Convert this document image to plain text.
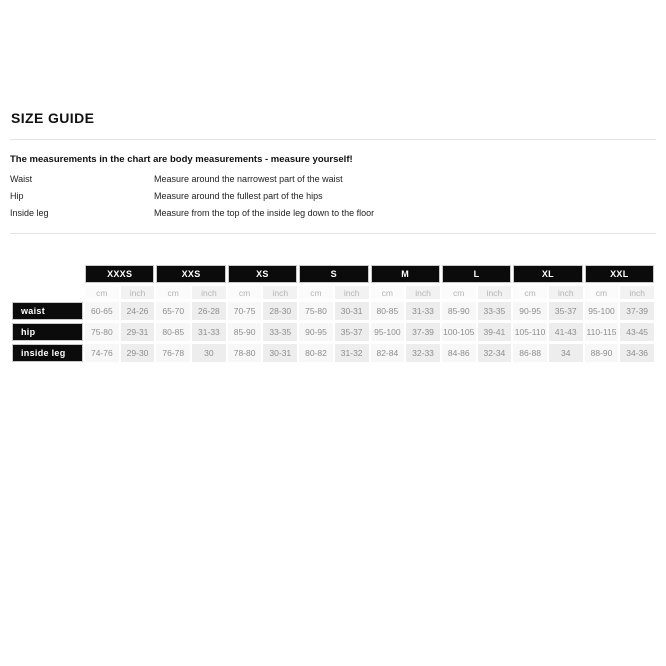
SIZE GUIDE

The measurements in the chart are body measurements - measure yourself!

Waist	Measure around the narrowest part of the waist
Hip	Measure around the fullest part of the hips
Inside leg	Measure from the top of the inside leg down to the floor
	XXXS		XXS		XS		S		M		L		XL		XXL	
	cm	inch	cm	inch	cm	inch	cm	inch	cm	inch	cm	inch	cm	inch	cm	inch
waist	60-65	24-26	65-70	26-28	70-75	28-30	75-80	30-31	80-85	31-33	85-90	33-35	90-95	35-37	95-100	37-39
hip	75-80	29-31	80-85	31-33	85-90	33-35	90-95	35-37	95-100	37-39	100-105	39-41	105-110	41-43	110-115	43-45
inside leg	74-76	29-30	76-78	30	78-80	30-31	80-82	31-32	82-84	32-33	84-86	32-34	86-88	34	88-90	34-36
